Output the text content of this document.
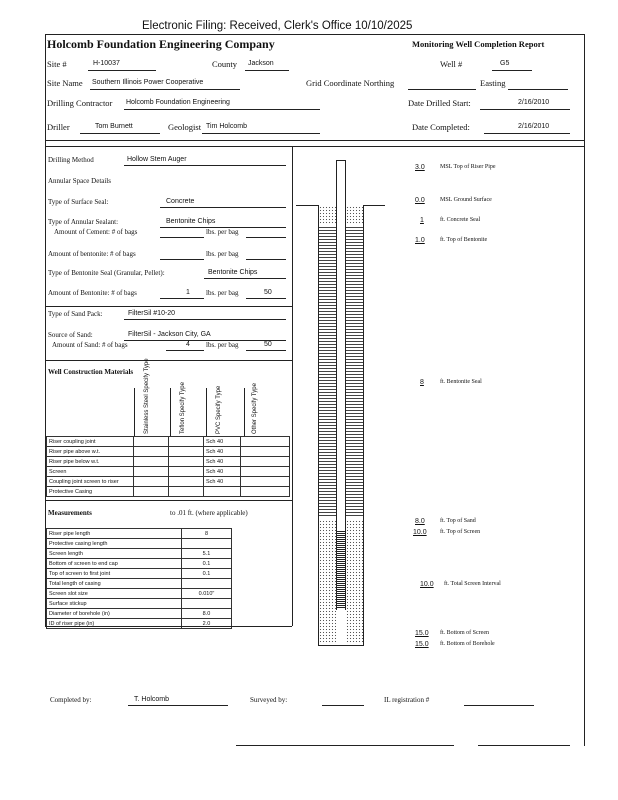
Electronic Filing: Received, Clerk's Office 10/10/2025
Holcomb Foundation Engineering Company	Monitoring Well Completion Report
Site #	H-10037	County Jackson	Well #	G5
Site Name Southern Illinois Power Cooperative	Grid Coordinate Northing	Easting
Drilling Contractor Holcomb Foundation Engineering	Date Drilled Start:	2/16/2010
Driller	Tom Burnett	Geologist Tim Holcomb	Date Completed:	2/16/2010
Drilling Method	Hollow Stem Auger
Annular Space Details
Type of Surface Seal:	Concrete
Type of Annular Sealant:	Bentonite Chips
Amount of Cement: # of bags	lbs. per bag
Amount of bentonite: # of bags	lbs. per bag
Type of Bentonite Seal (Granular, Pellet):	Bentonite Chips
Amount of Bentonite: # of bags	1 lbs. per bag	50
Type of Sand Pack:	FilterSil #10-20
Source of Sand:	FilterSil - Jackson City, GA
Amount of Sand: # of bags	4 lbs. per bag	50
Well Construction Materials Stainless Steel Specify Type	Teflon Specify Type	PVC Specify Type	Other Specify Type
Riser coupling joint			Sch 40	
Riser pipe above w.t.			Sch 40	
Riser pipe below w.t.			Sch 40	
Screen			Sch 40	
Coupling joint screen to riser			Sch 40	
Protective Casing				
Measurements	to .01 ft. (where applicable)
Riser pipe length	8
Protective casing length	
Screen length	5.1
Bottom of screen to end cap	0.1
Top of screen to first joint	0.1
Total length of casing	
Screen slot size	0.010"
Surface stickup	
Diameter of borehole (in)	8.0
ID of riser pipe (in)	2.0
3.0	MSL Top of Riser Pipe
0.0	MSL Ground Surface
1	ft. Concrete Seal
1.0	ft. Top of Bentonite
8	ft. Bentonite Seal
8.0	ft. Top of Sand
10.0 ft. Top of Screen
10.0 ft. Total Screen Interval
15.0 ft. Bottom of Screen
15.0 ft. Bottom of Borehole
Completed by:	T. Holcomb	Surveyed by:	IL registration #
